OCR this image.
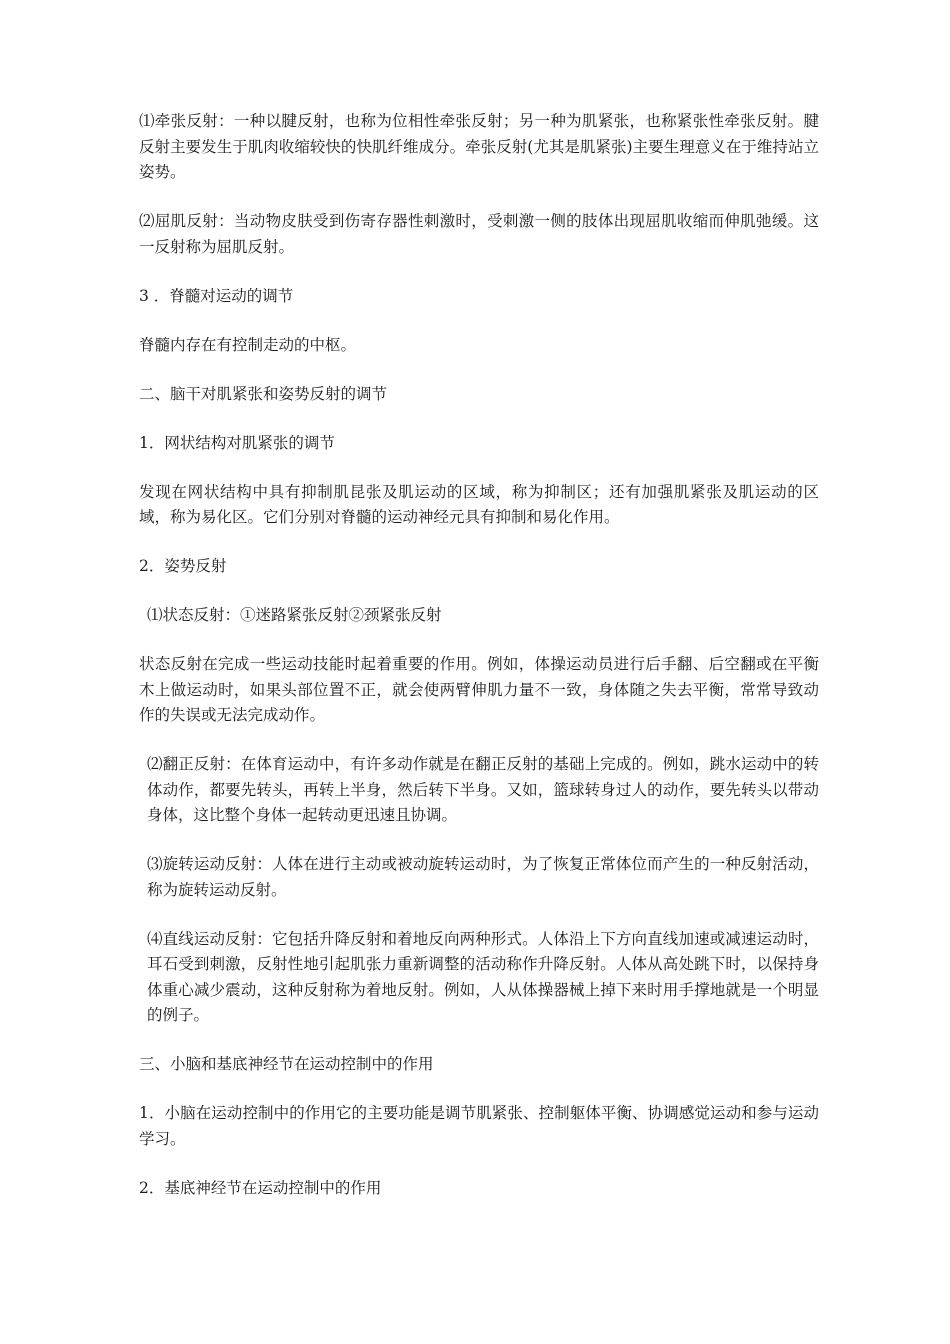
⑴牵张反射：一种以腱反射，也称为位相性牵张反射；另一种为肌紧张，也称紧张性牵张反射。腱反射主要发生于肌肉收缩较快的快肌纤维成分。牵张反射(尤其是肌紧张)主要生理意义在于维持站立姿势。

⑵屈肌反射：当动物皮肤受到伤寄存器性刺激时，受刺激一侧的肢体出现屈肌收缩而伸肌弛缓。这一反射称为屈肌反射。

3 ．脊髓对运动的调节

脊髓内存在有控制走动的中枢。

二、脑干对肌紧张和姿势反射的调节

1．网状结构对肌紧张的调节

发现在网状结构中具有抑制肌昆张及肌运动的区域，称为抑制区；还有加强肌紧张及肌运动的区域，称为易化区。它们分别对脊髓的运动神经元具有抑制和易化作用。

2．姿势反射

⑴状态反射：①迷路紧张反射②颈紧张反射

状态反射在完成一些运动技能时起着重要的作用。例如，体操运动员进行后手翻、后空翻或在平衡木上做运动时，如果头部位置不正，就会使两臂伸肌力量不一致，身体随之失去平衡，常常导致动作的失误或无法完成动作。

⑵翻正反射：在体育运动中，有许多动作就是在翻正反射的基础上完成的。例如，跳水运动中的转体动作，都要先转头，再转上半身，然后转下半身。又如，篮球转身过人的动作，要先转头以带动身体，这比整个身体一起转动更迅速且协调。

⑶旋转运动反射：人体在进行主动或被动旋转运动时，为了恢复正常体位而产生的一种反射活动，称为旋转运动反射。

⑷直线运动反射：它包括升降反射和着地反向两种形式。人体沿上下方向直线加速或减速运动时，耳石受到刺激，反射性地引起肌张力重新调整的活动称作升降反射。人体从高处跳下时，以保持身体重心减少震动，这种反射称为着地反射。例如，人从体操器械上掉下来时用手撑地就是一个明显的例子。

三、小脑和基底神经节在运动控制中的作用

1．小脑在运动控制中的作用它的主要功能是调节肌紧张、控制躯体平衡、协调感觉运动和参与运动学习。

2．基底神经节在运动控制中的作用
